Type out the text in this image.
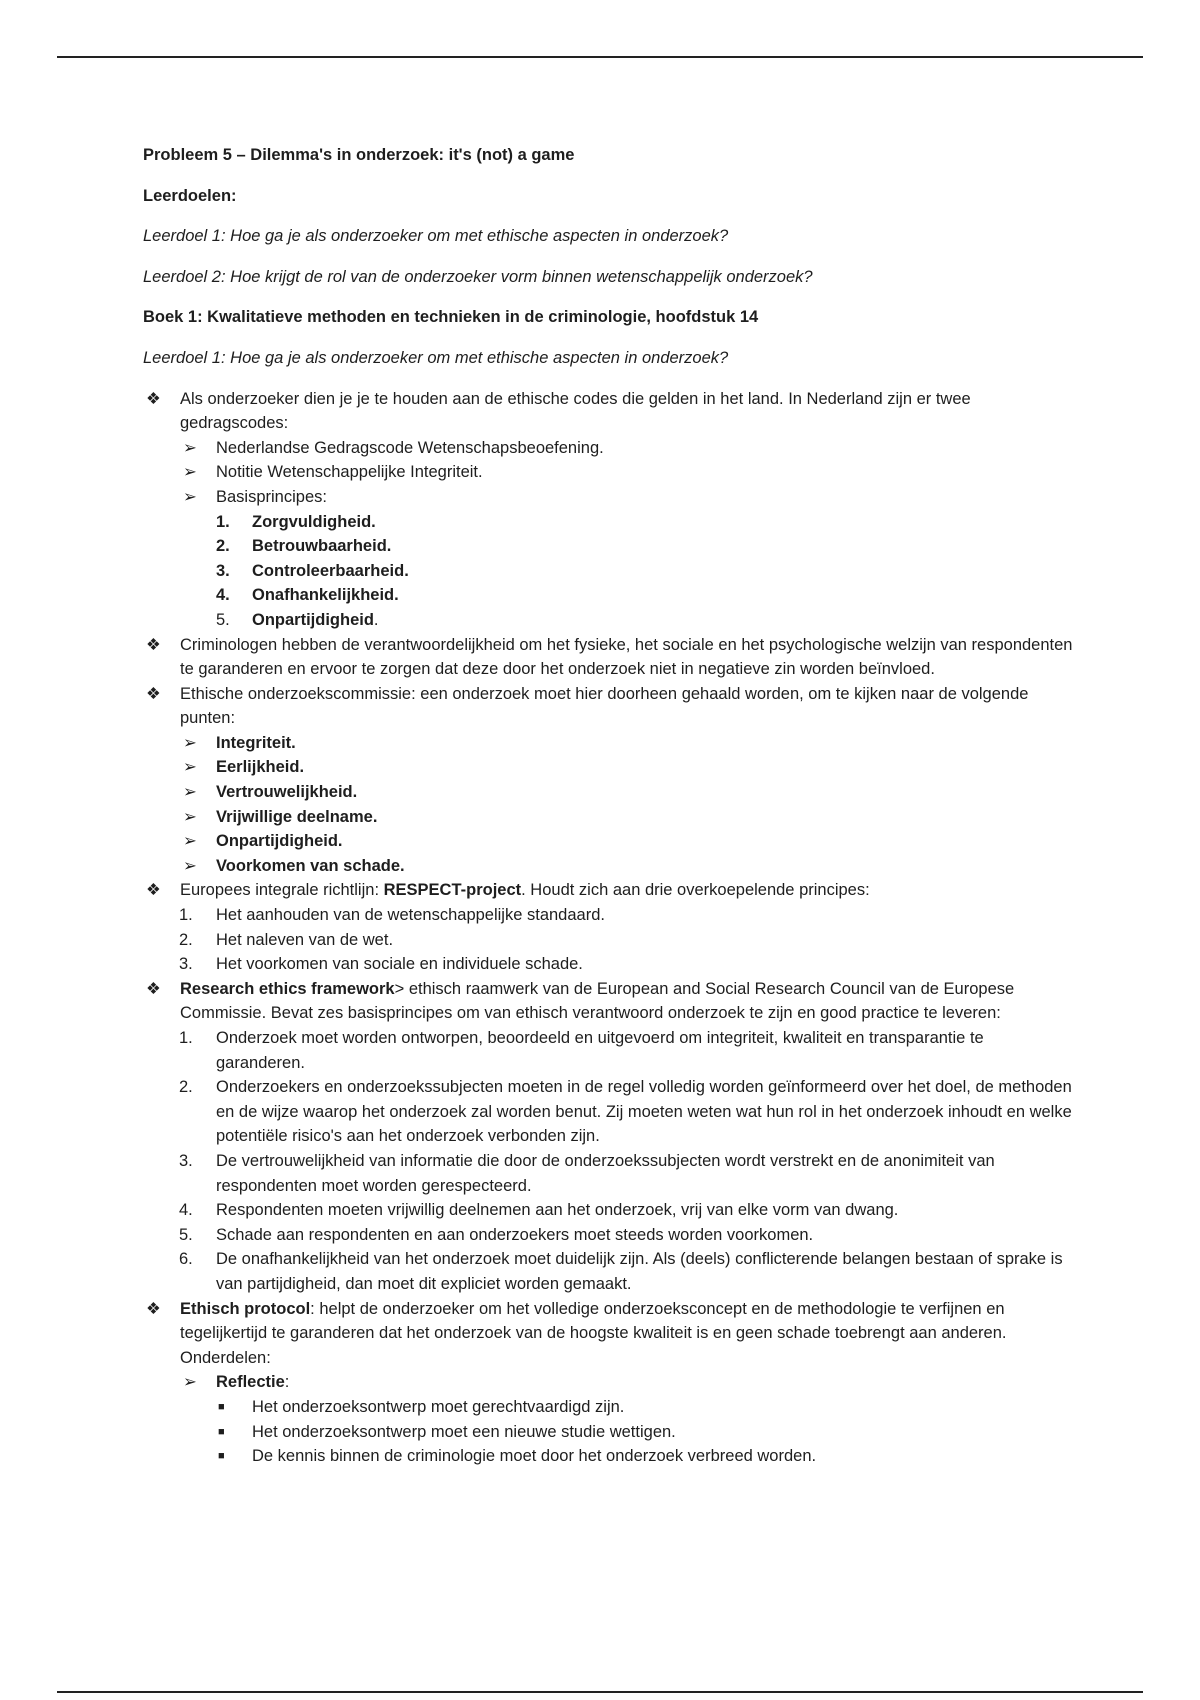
Probleem 5 – Dilemma's in onderzoek: it's (not) a game

Leerdoelen:

Leerdoel 1: Hoe ga je als onderzoeker om met ethische aspecten in onderzoek?

Leerdoel 2: Hoe krijgt de rol van de onderzoeker vorm binnen wetenschappelijk onderzoek?

Boek 1: Kwalitatieve methoden en technieken in de criminologie, hoofdstuk 14

Leerdoel 1: Hoe ga je als onderzoeker om met ethische aspecten in onderzoek?

❖ Als onderzoeker dien je je te houden aan de ethische codes die gelden in het land. In Nederland zijn er twee gedragscodes:
➢ Nederlandse Gedragscode Wetenschapsbeoefening.
➢ Notitie Wetenschappelijke Integriteit.
➢ Basisprincipes:
1. Zorgvuldigheid.
2. Betrouwbaarheid.
3. Controleerbaarheid.
4. Onafhankelijkheid.
5. Onpartijdigheid.
❖ Criminologen hebben de verantwoordelijkheid om het fysieke, het sociale en het psychologische welzijn van respondenten te garanderen en ervoor te zorgen dat deze door het onderzoek niet in negatieve zin worden beïnvloed.
❖ Ethische onderzoekscommissie: een onderzoek moet hier doorheen gehaald worden, om te kijken naar de volgende punten:
➢ Integriteit.
➢ Eerlijkheid.
➢ Vertrouwelijkheid.
➢ Vrijwillige deelname.
➢ Onpartijdigheid.
➢ Voorkomen van schade.
❖ Europees integrale richtlijn: RESPECT-project. Houdt zich aan drie overkoepelende principes:
1. Het aanhouden van de wetenschappelijke standaard.
2. Het naleven van de wet.
3. Het voorkomen van sociale en individuele schade.
❖ Research ethics framework> ethisch raamwerk van de European and Social Research Council van de Europese Commissie. Bevat zes basisprincipes om van ethisch verantwoord onderzoek te zijn en good practice te leveren:
1. Onderzoek moet worden ontworpen, beoordeeld en uitgevoerd om integriteit, kwaliteit en transparantie te garanderen.
2. Onderzoekers en onderzoekssubjecten moeten in de regel volledig worden geïnformeerd over het doel, de methoden en de wijze waarop het onderzoek zal worden benut. Zij moeten weten wat hun rol in het onderzoek inhoudt en welke potentiële risico's aan het onderzoek verbonden zijn.
3. De vertrouwelijkheid van informatie die door de onderzoekssubjecten wordt verstrekt en de anonimiteit van respondenten moet worden gerespecteerd.
4. Respondenten moeten vrijwillig deelnemen aan het onderzoek, vrij van elke vorm van dwang.
5. Schade aan respondenten en aan onderzoekers moet steeds worden voorkomen.
6. De onafhankelijkheid van het onderzoek moet duidelijk zijn. Als (deels) conflicterende belangen bestaan of sprake is van partijdigheid, dan moet dit expliciet worden gemaakt.
❖ Ethisch protocol: helpt de onderzoeker om het volledige onderzoeksconcept en de methodologie te verfijnen en tegelijkertijd te garanderen dat het onderzoek van de hoogste kwaliteit is en geen schade toebrengt aan anderen. Onderdelen:
➢ Reflectie:
■ Het onderzoeksontwerp moet gerechtvaardigd zijn.
■ Het onderzoeksontwerp moet een nieuwe studie wettigen.
■ De kennis binnen de criminologie moet door het onderzoek verbreed worden.
